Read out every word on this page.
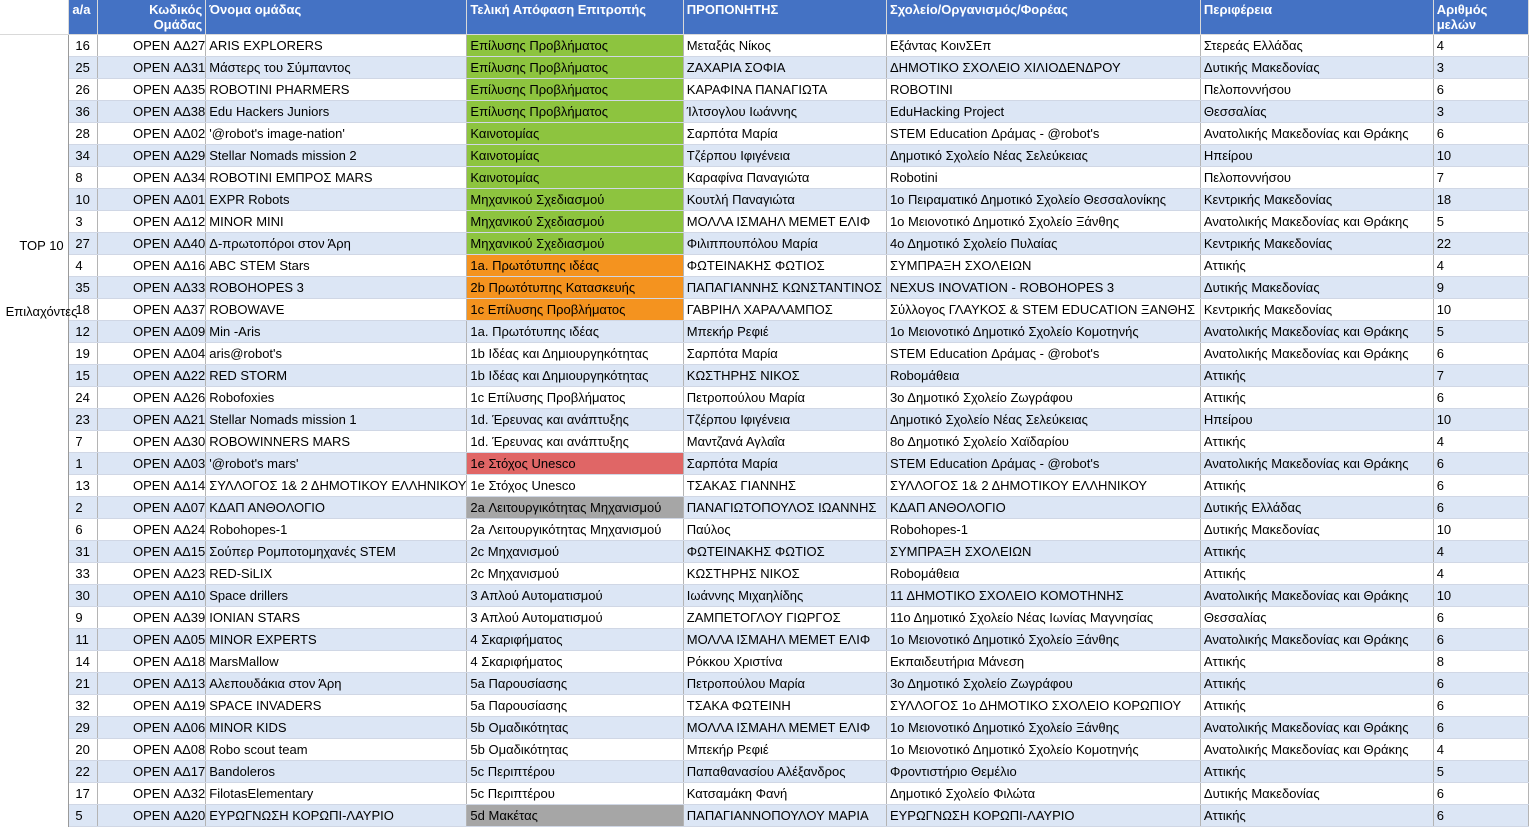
	a/a	Κωδικός Ομάδας	Όνομα ομάδας	Τελική Απόφαση Επιτροπής	ΠΡΟΠΟΝΗΤΗΣ	Σχολείο/Οργανισμός/Φορέας	Περιφέρεια	Αριθμός μελών

TOP 10
Επιλαχόντες	16	OPEN ΑΔ27	ARIS EXPLORERS	Επίλυσης Προβλήματος	Μεταξάς Νίκος	Εξάντας ΚοινΣΕπ	Στερεάς Ελλάδας	4
	25	OPEN ΑΔ31	Μάστερς του Σύμπαντος	Επίλυσης Προβλήματος	ΖΑΧΑΡΙΑ ΣΟΦΙΑ	ΔΗΜΟΤΙΚΟ ΣΧΟΛΕΙΟ ΧΙΛΙΟΔΕΝΔΡΟΥ	Δυτικής Μακεδονίας	3
	26	OPEN ΑΔ35	ROBOTINI PHARMERS	Επίλυσης Προβλήματος	ΚΑΡΑΦΙΝΑ ΠΑΝΑΓΙΩΤΑ	ROBOTINI	Πελοποννήσου	6
	36	OPEN ΑΔ38	Edu Hackers Juniors	Επίλυσης Προβλήματος	Ίλτσογλου Ιωάννης	EduHacking Project	Θεσσαλίας	3
	28	OPEN ΑΔ02	'@robot's image-nation'	Καινοτομίας	Σαρπότα Μαρία	STEM Education Δράμας - @robot's	Ανατολικής Μακεδονίας και Θράκης	6
	34	OPEN ΑΔ29	Stellar Nomads mission 2	Καινοτομίας	Τζέρπου Ιφιγένεια	Δημοτικό Σχολείο Νέας Σελεύκειας	Ηπείρου	10
	8	OPEN ΑΔ34	ROBOTINI ΕΜΠΡΟΣ MARS	Καινοτομίας	Καραφίνα Παναγιώτα	Robotini	Πελοποννήσου	7
	10	OPEN ΑΔ01	EXPR Robots	Μηχανικού Σχεδιασμού	Κουτλή Παναγιώτα	1ο Πειραματικό Δημοτικό Σχολείο Θεσσαλονίκης	Κεντρικής Μακεδονίας	18
	3	OPEN ΑΔ12	MINOR MINI	Μηχανικού Σχεδιασμού	ΜΟΛΛΑ ΙΣΜΑΗΛ ΜΕΜΕΤ ΕΛΙΦ	1ο Μειονοτικό Δημοτικό Σχολείο Ξάνθης	Ανατολικής Μακεδονίας και Θράκης	5
	27	OPEN ΑΔ40	Δ-πρωτοπόροι στον Άρη	Μηχανικού Σχεδιασμού	Φιλιππουπόλου Μαρία	4ο Δημοτικό Σχολείο Πυλαίας	Κεντρικής Μακεδονίας	22
	4	OPEN ΑΔ16	ABC STEM Stars	1a. Πρωτότυπης ιδέας	ΦΩΤΕΙΝΑΚΗΣ ΦΩΤΙΟΣ	ΣΥΜΠΡΑΞΗ ΣΧΟΛΕΙΩΝ	Αττικής	4
	35	OPEN ΑΔ33	ROBOHOPES 3	2b Πρωτότυπης Κατασκευής	ΠΑΠΑΓΙΑΝΝΗΣ ΚΩΝΣΤΑΝΤΙΝΟΣ	NEXUS INOVATION - ROBOHOPES 3	Δυτικής Μακεδονίας	9
	18	OPEN ΑΔ37	ROBOWAVE	1c Επίλυσης Προβλήματος	ΓΑΒΡΙΗΛ ΧΑΡΑΛΑΜΠΟΣ	Σύλλογος ΓΛΑΥΚΟΣ & STEM EDUCATION ΞΑΝΘΗΣ	Κεντρικής Μακεδονίας	10
	12	OPEN ΑΔ09	Min -Aris	1a. Πρωτότυπης ιδέας	Μπεκήρ Ρεφιέ	1ο Μειονοτικό Δημοτικό Σχολείο Κομοτηνής	Ανατολικής Μακεδονίας και Θράκης	5
	19	OPEN ΑΔ04	aris@robot's	1b Ιδέας και Δημιουργηκότητας	Σαρπότα Μαρία	STEM Education Δράμας - @robot's	Ανατολικής Μακεδονίας και Θράκης	6
	15	OPEN ΑΔ22	RED STORM	1b Ιδέας και Δημιουργηκότητας	ΚΩΣΤΗΡΗΣ ΝΙΚΟΣ	Roboμάθεια	Αττικής	7
	24	OPEN ΑΔ26	Robofoxies	1c Επίλυσης Προβλήματος	Πετροπούλου Μαρία	3ο Δημοτικό Σχολείο Ζωγράφου	Αττικής	6
	23	OPEN ΑΔ21	Stellar Nomads mission 1	1d. Έρευνας και ανάπτυξης	Τζέρπου Ιφιγένεια	Δημοτικό Σχολείο Νέας Σελεύκειας	Ηπείρου	10
	7	OPEN ΑΔ30	ROBOWINNERS MARS	1d. Έρευνας και ανάπτυξης	Μαντζανά Αγλαΐα	8ο Δημοτικό Σχολείο Χαϊδαρίου	Αττικής	4
	1	OPEN ΑΔ03	'@robot's mars'	1e Στόχος Unesco	Σαρπότα Μαρία	STEM Education Δράμας - @robot's	Ανατολικής Μακεδονίας και Θράκης	6
	13	OPEN ΑΔ14	ΣΥΛΛΟΓΟΣ 1& 2 ΔΗΜΟΤΙΚΟΥ ΕΛΛΗΝΙΚΟΥ	1e Στόχος Unesco	ΤΣΑΚΑΣ ΓΙΑΝΝΗΣ	ΣΥΛΛΟΓΟΣ 1& 2 ΔΗΜΟΤΙΚΟΥ ΕΛΛΗΝΙΚΟΥ	Αττικής	6
	2	OPEN ΑΔ07	ΚΔΑΠ ΑΝΘΟΛΟΓΙΟ	2a Λειτουργικότητας Μηχανισμού	ΠΑΝΑΓΙΩΤΟΠΟΥΛΟΣ ΙΩΑΝΝΗΣ	ΚΔΑΠ ΑΝΘΟΛΟΓΙΟ	Δυτικής Ελλάδας	6
	6	OPEN ΑΔ24	Robohopes-1	2a Λειτουργικότητας Μηχανισμού	Παύλος	Robohopes-1	Δυτικής Μακεδονίας	10
	31	OPEN ΑΔ15	Σούπερ Ρομποτομηχανές STEM	2c Μηχανισμού	ΦΩΤΕΙΝΑΚΗΣ ΦΩΤΙΟΣ	ΣΥΜΠΡΑΞΗ ΣΧΟΛΕΙΩΝ	Αττικής	4
	33	OPEN ΑΔ23	RED-SiLIX	2c Μηχανισμού	ΚΩΣΤΗΡΗΣ ΝΙΚΟΣ	Roboμάθεια	Αττικής	4
	30	OPEN ΑΔ10	Space drillers	3 Απλού Αυτοματισμού	Ιωάννης Μιχαηλίδης	11 ΔΗΜΟΤΙΚΟ ΣΧΟΛΕΙΟ ΚΟΜΟΤΗΝΗΣ	Ανατολικής Μακεδονίας και Θράκης	10
	9	OPEN ΑΔ39	IONIAN STARS	3 Απλού Αυτοματισμού	ΖΑΜΠΕΤΟΓΛΟΥ ΓΙΩΡΓΟΣ	11ο Δημοτικό Σχολείο Νέας Ιωνίας Μαγνησίας	Θεσσαλίας	6
	11	OPEN ΑΔ05	MINOR EXPERTS	4 Σκαριφήματος	ΜΟΛΛΑ ΙΣΜΑΗΛ ΜΕΜΕΤ ΕΛΙΦ	1ο Μειονοτικό Δημοτικό Σχολείο Ξάνθης	Ανατολικής Μακεδονίας και Θράκης	6
	14	OPEN ΑΔ18	MarsMallow	4 Σκαριφήματος	Ρόκκου Χριστίνα	Εκπαιδευτήρια Μάνεση	Αττικής	8
	21	OPEN ΑΔ13	Αλεπουδάκια στον Άρη	5a Παρουσίασης	Πετροπούλου Μαρία	3ο Δημοτικό Σχολείο Ζωγράφου	Αττικής	6
	32	OPEN ΑΔ19	SPACE INVADERS	5a Παρουσίασης	ΤΣΑΚΑ ΦΩΤΕΙΝΗ	ΣΥΛΛΟΓΟΣ 1ο ΔΗΜΟΤΙΚΟ ΣΧΟΛΕΙΟ ΚΟΡΩΠΙΟΥ	Αττικής	6
	29	OPEN ΑΔ06	MINOR KIDS	5b Ομαδικότητας	ΜΟΛΛΑ ΙΣΜΑΗΛ ΜΕΜΕΤ ΕΛΙΦ	1ο Μειονοτικό Δημοτικό Σχολείο Ξάνθης	Ανατολικής Μακεδονίας και Θράκης	6
	20	OPEN ΑΔ08	Robo scout team	5b Ομαδικότητας	Μπεκήρ Ρεφιέ	1ο Μειονοτικό Δημοτικό Σχολείο Κομοτηνής	Ανατολικής Μακεδονίας και Θράκης	4
	22	OPEN ΑΔ17	Bandoleros	5c Περιπτέρου	Παπαθανασίου Αλέξανδρος	Φροντιστήριο Θεμέλιο	Αττικής	5
	17	OPEN ΑΔ32	FilotasElementary	5c Περιπτέρου	Κατσαμάκη Φανή	Δημοτικό Σχολείο Φιλώτα	Δυτικής Μακεδονίας	6
	5	OPEN ΑΔ20	ΕΥΡΩΓΝΩΣΗ ΚΟΡΩΠΙ-ΛΑΥΡΙΟ	5d Μακέτας	ΠΑΠΑΓΙΑΝΝΟΠΟΥΛΟΥ ΜΑΡΙΑ	ΕΥΡΩΓΝΩΣΗ ΚΟΡΩΠΙ-ΛΑΥΡΙΟ	Αττικής	6
